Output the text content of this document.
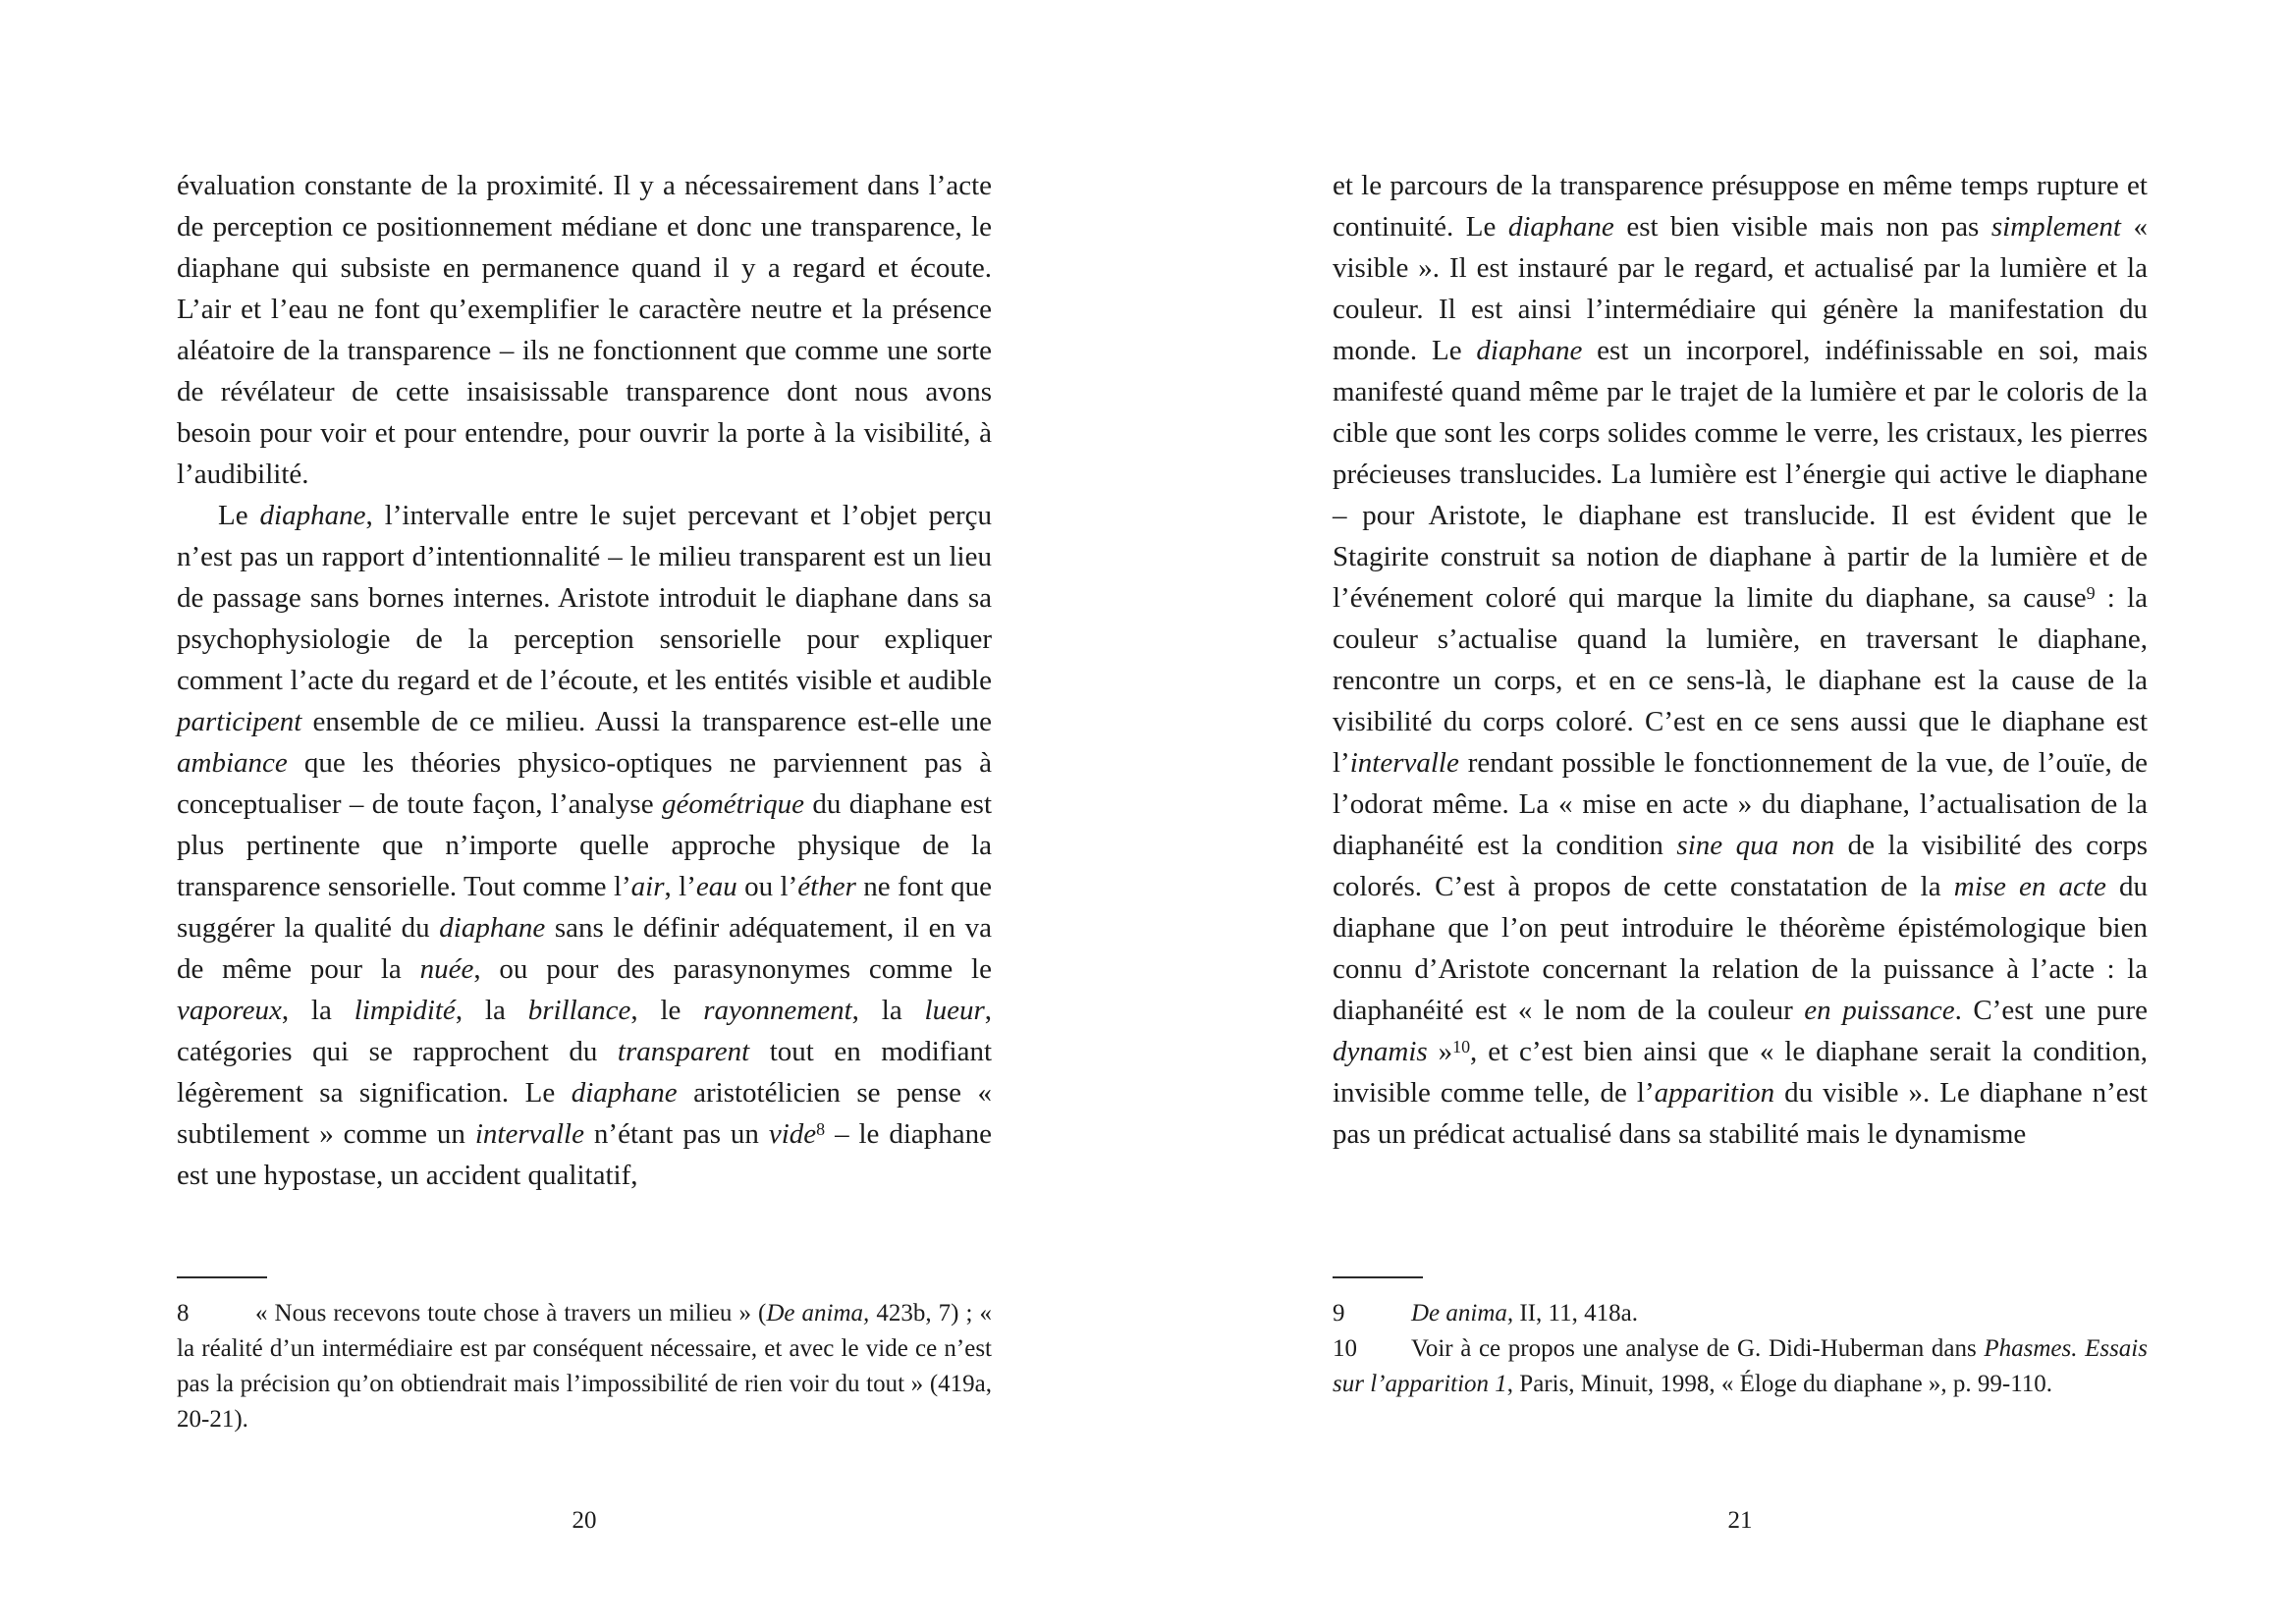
évaluation constante de la proximité. Il y a nécessairement dans l’acte de perception ce positionnement médiane et donc une transparence, le diaphane qui subsiste en permanence quand il y a regard et écoute. L’air et l’eau ne font qu’exemplifier le caractère neutre et la présence aléatoire de la transparence – ils ne fonctionnent que comme une sorte de révélateur de cette insaisissable transparence dont nous avons besoin pour voir et pour entendre, pour ouvrir la porte à la visibilité, à l’audibilité.

Le diaphane, l’intervalle entre le sujet percevant et l’objet perçu n’est pas un rapport d’intentionnalité – le milieu transparent est un lieu de passage sans bornes internes. Aristote introduit le diaphane dans sa psychophysiologie de la perception sensorielle pour expliquer comment l’acte du regard et de l’écoute, et les entités visible et audible participent ensemble de ce milieu. Aussi la transparence est-elle une ambiance que les théories physico-optiques ne parviennent pas à conceptualiser – de toute façon, l’analyse géométrique du diaphane est plus pertinente que n’importe quelle approche physique de la transparence sensorielle. Tout comme l’air, l’eau ou l’éther ne font que suggérer la qualité du diaphane sans le définir adéquatement, il en va de même pour la nuée, ou pour des parasynonymes comme le vaporeux, la limpidité, la brillance, le rayonnement, la lueur, catégories qui se rapprochent du transparent tout en modifiant légèrement sa signification. Le diaphane aristotélicien se pense « subtilement » comme un intervalle n’étant pas un vide$^8$ – le diaphane est une hypostase, un accident qualitatif,

8	« Nous recevons toute chose à travers un milieu » (De anima, 423b, 7) ; « la réalité d’un intermédiaire est par conséquent nécessaire, et avec le vide ce n’est pas la précision qu’on obtiendrait mais l’impossibilité de rien voir du tout » (419a, 20-21).

20

et le parcours de la transparence présuppose en même temps rupture et continuité. Le diaphane est bien visible mais non pas simplement « visible ». Il est instauré par le regard, et actualisé par la lumière et la couleur. Il est ainsi l’intermédiaire qui génère la manifestation du monde. Le diaphane est un incorporel, indéfinissable en soi, mais manifesté quand même par le trajet de la lumière et par le coloris de la cible que sont les corps solides comme le verre, les cristaux, les pierres précieuses translucides. La lumière est l’énergie qui active le diaphane – pour Aristote, le diaphane est translucide. Il est évident que le Stagirite construit sa notion de diaphane à partir de la lumière et de l’événement coloré qui marque la limite du diaphane, sa cause$^9$ : la couleur s’actualise quand la lumière, en traversant le diaphane, rencontre un corps, et en ce sens-là, le diaphane est la cause de la visibilité du corps coloré. C’est en ce sens aussi que le diaphane est l’intervalle rendant possible le fonctionnement de la vue, de l’ouïe, de l’odorat même. La « mise en acte » du diaphane, l’actualisation de la diaphanéité est la condition sine qua non de la visibilité des corps colorés. C’est à propos de cette constatation de la mise en acte du diaphane que l’on peut introduire le théorème épistémologique bien connu d’Aristote concernant la relation de la puissance à l’acte : la diaphanéité est « le nom de la couleur en puissance. C’est une pure dynamis »$^{10}$, et c’est bien ainsi que « le diaphane serait la condition, invisible comme telle, de l’apparition du visible ». Le diaphane n’est pas un prédicat actualisé dans sa stabilité mais le dynamisme

9	De anima, II, 11, 418a.

10 Voir à ce propos une analyse de G. Didi-Huberman dans Phasmes. Essais sur l’apparition 1, Paris, Minuit, 1998, « Éloge du diaphane », p. 99-110.

21
